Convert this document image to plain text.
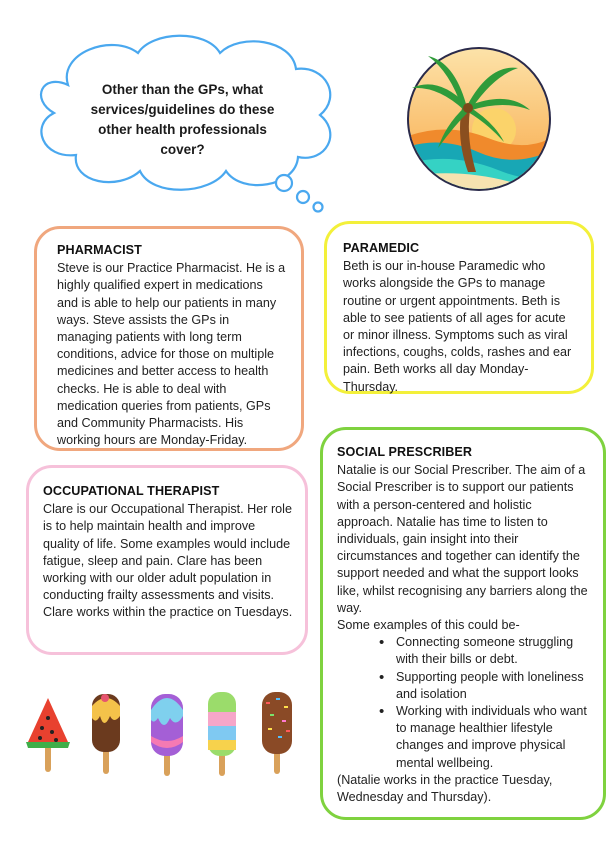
Other than the GPs, what services/guidelines do these other health professionals cover?
PHARMACIST

Steve is our Practice Pharmacist. He is a highly qualified expert in medications and is able to help our patients in many ways. Steve assists the GPs in managing patients with long term conditions, advice for those on multiple medicines and better access to health checks. He is able to deal with medication queries from patients, GPs and Community Pharmacists. His working hours are Monday-Friday.

PARAMEDIC

Beth is our in-house Paramedic who works alongside the GPs to manage routine or urgent appointments. Beth is able to see patients of all ages for acute or minor illness. Symptoms such as viral infections, coughs, colds, rashes and ear pain. Beth works all day Monday-Thursday.

OCCUPATIONAL THERAPIST

Clare is our Occupational Therapist. Her role is to help maintain health and improve quality of life. Some examples would include fatigue, sleep and pain. Clare has been working with our older adult population in conducting frailty assessments and visits. Clare works within the practice on Tuesdays.

SOCIAL PRESCRIBER

Natalie is our Social Prescriber. The aim of a Social Prescriber is to support our patients with a person-centered and holistic approach. Natalie has time to listen to individuals, gain insight into their circumstances and together can identify the support needed and what the support looks like, whilst recognising any barriers along the way.

Some examples of this could be-

• Connecting someone struggling with their bills or debt.
• Supporting people with loneliness and isolation
• Working with individuals who want to manage healthier lifestyle changes and improve physical mental wellbeing.

(Natalie works in the practice Tuesday, Wednesday and Thursday).
